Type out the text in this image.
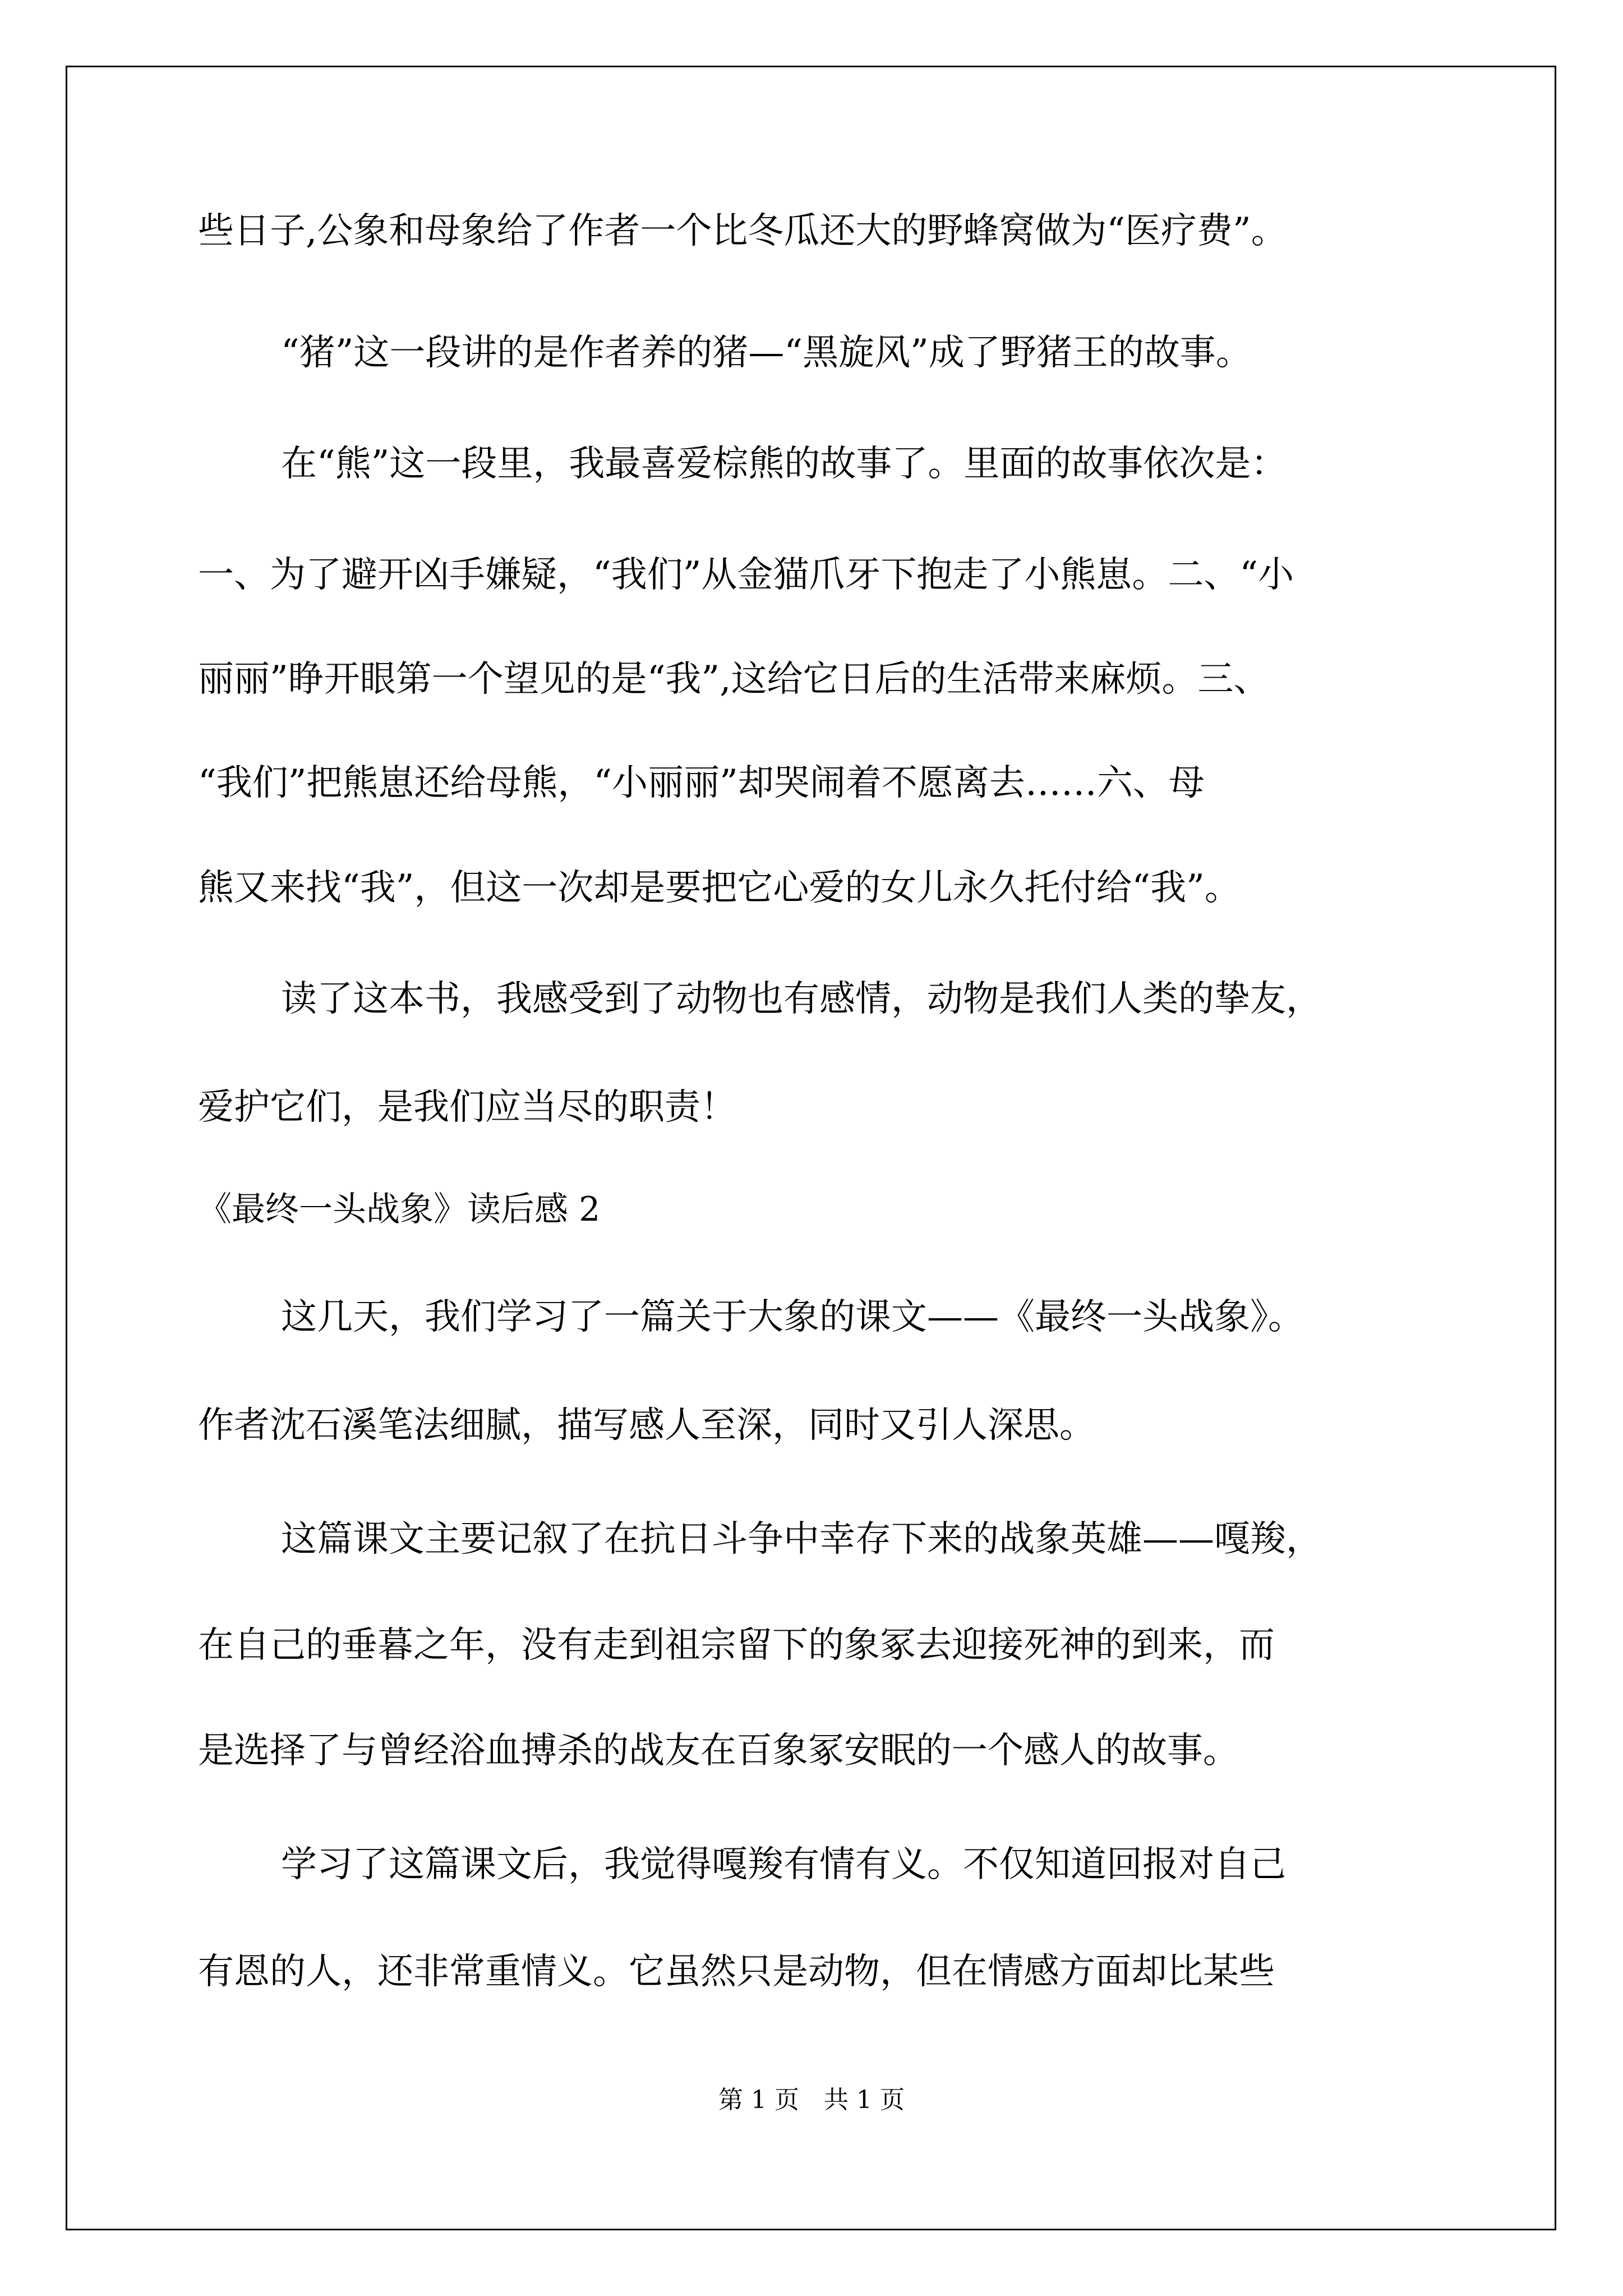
些日子,公象和母象给了作者一个比冬瓜还大的野蜂窝做为“医疗费”。
“猪”这一段讲的是作者养的猪—“黑旋风”成了野猪王的故事。
在“熊”这一段里，我最喜爱棕熊的故事了。里面的故事依次是：
一、为了避开凶手嫌疑，“我们”从金猫爪牙下抱走了小熊崽。二、“小
丽丽”睁开眼第一个望见的是“我”,这给它日后的生活带来麻烦。三、
“我们”把熊崽还给母熊，“小丽丽”却哭闹着不愿离去……六、母
熊又来找“我”，但这一次却是要把它心爱的女儿永久托付给“我”。
读了这本书，我感受到了动物也有感情，动物是我们人类的挚友，
爱护它们，是我们应当尽的职责！
《最终一头战象》读后感 2
这几天，我们学习了一篇关于大象的课文——《最终一头战象》。
作者沈石溪笔法细腻，描写感人至深，同时又引人深思。
这篇课文主要记叙了在抗日斗争中幸存下来的战象英雄——嘎羧，
在自己的垂暮之年，没有走到祖宗留下的象冢去迎接死神的到来，而
是选择了与曾经浴血搏杀的战友在百象冢安眠的一个感人的故事。
学习了这篇课文后，我觉得嘎羧有情有义。不仅知道回报对自己
有恩的人，还非常重情义。它虽然只是动物，但在情感方面却比某些
第 1 页　共 1 页
